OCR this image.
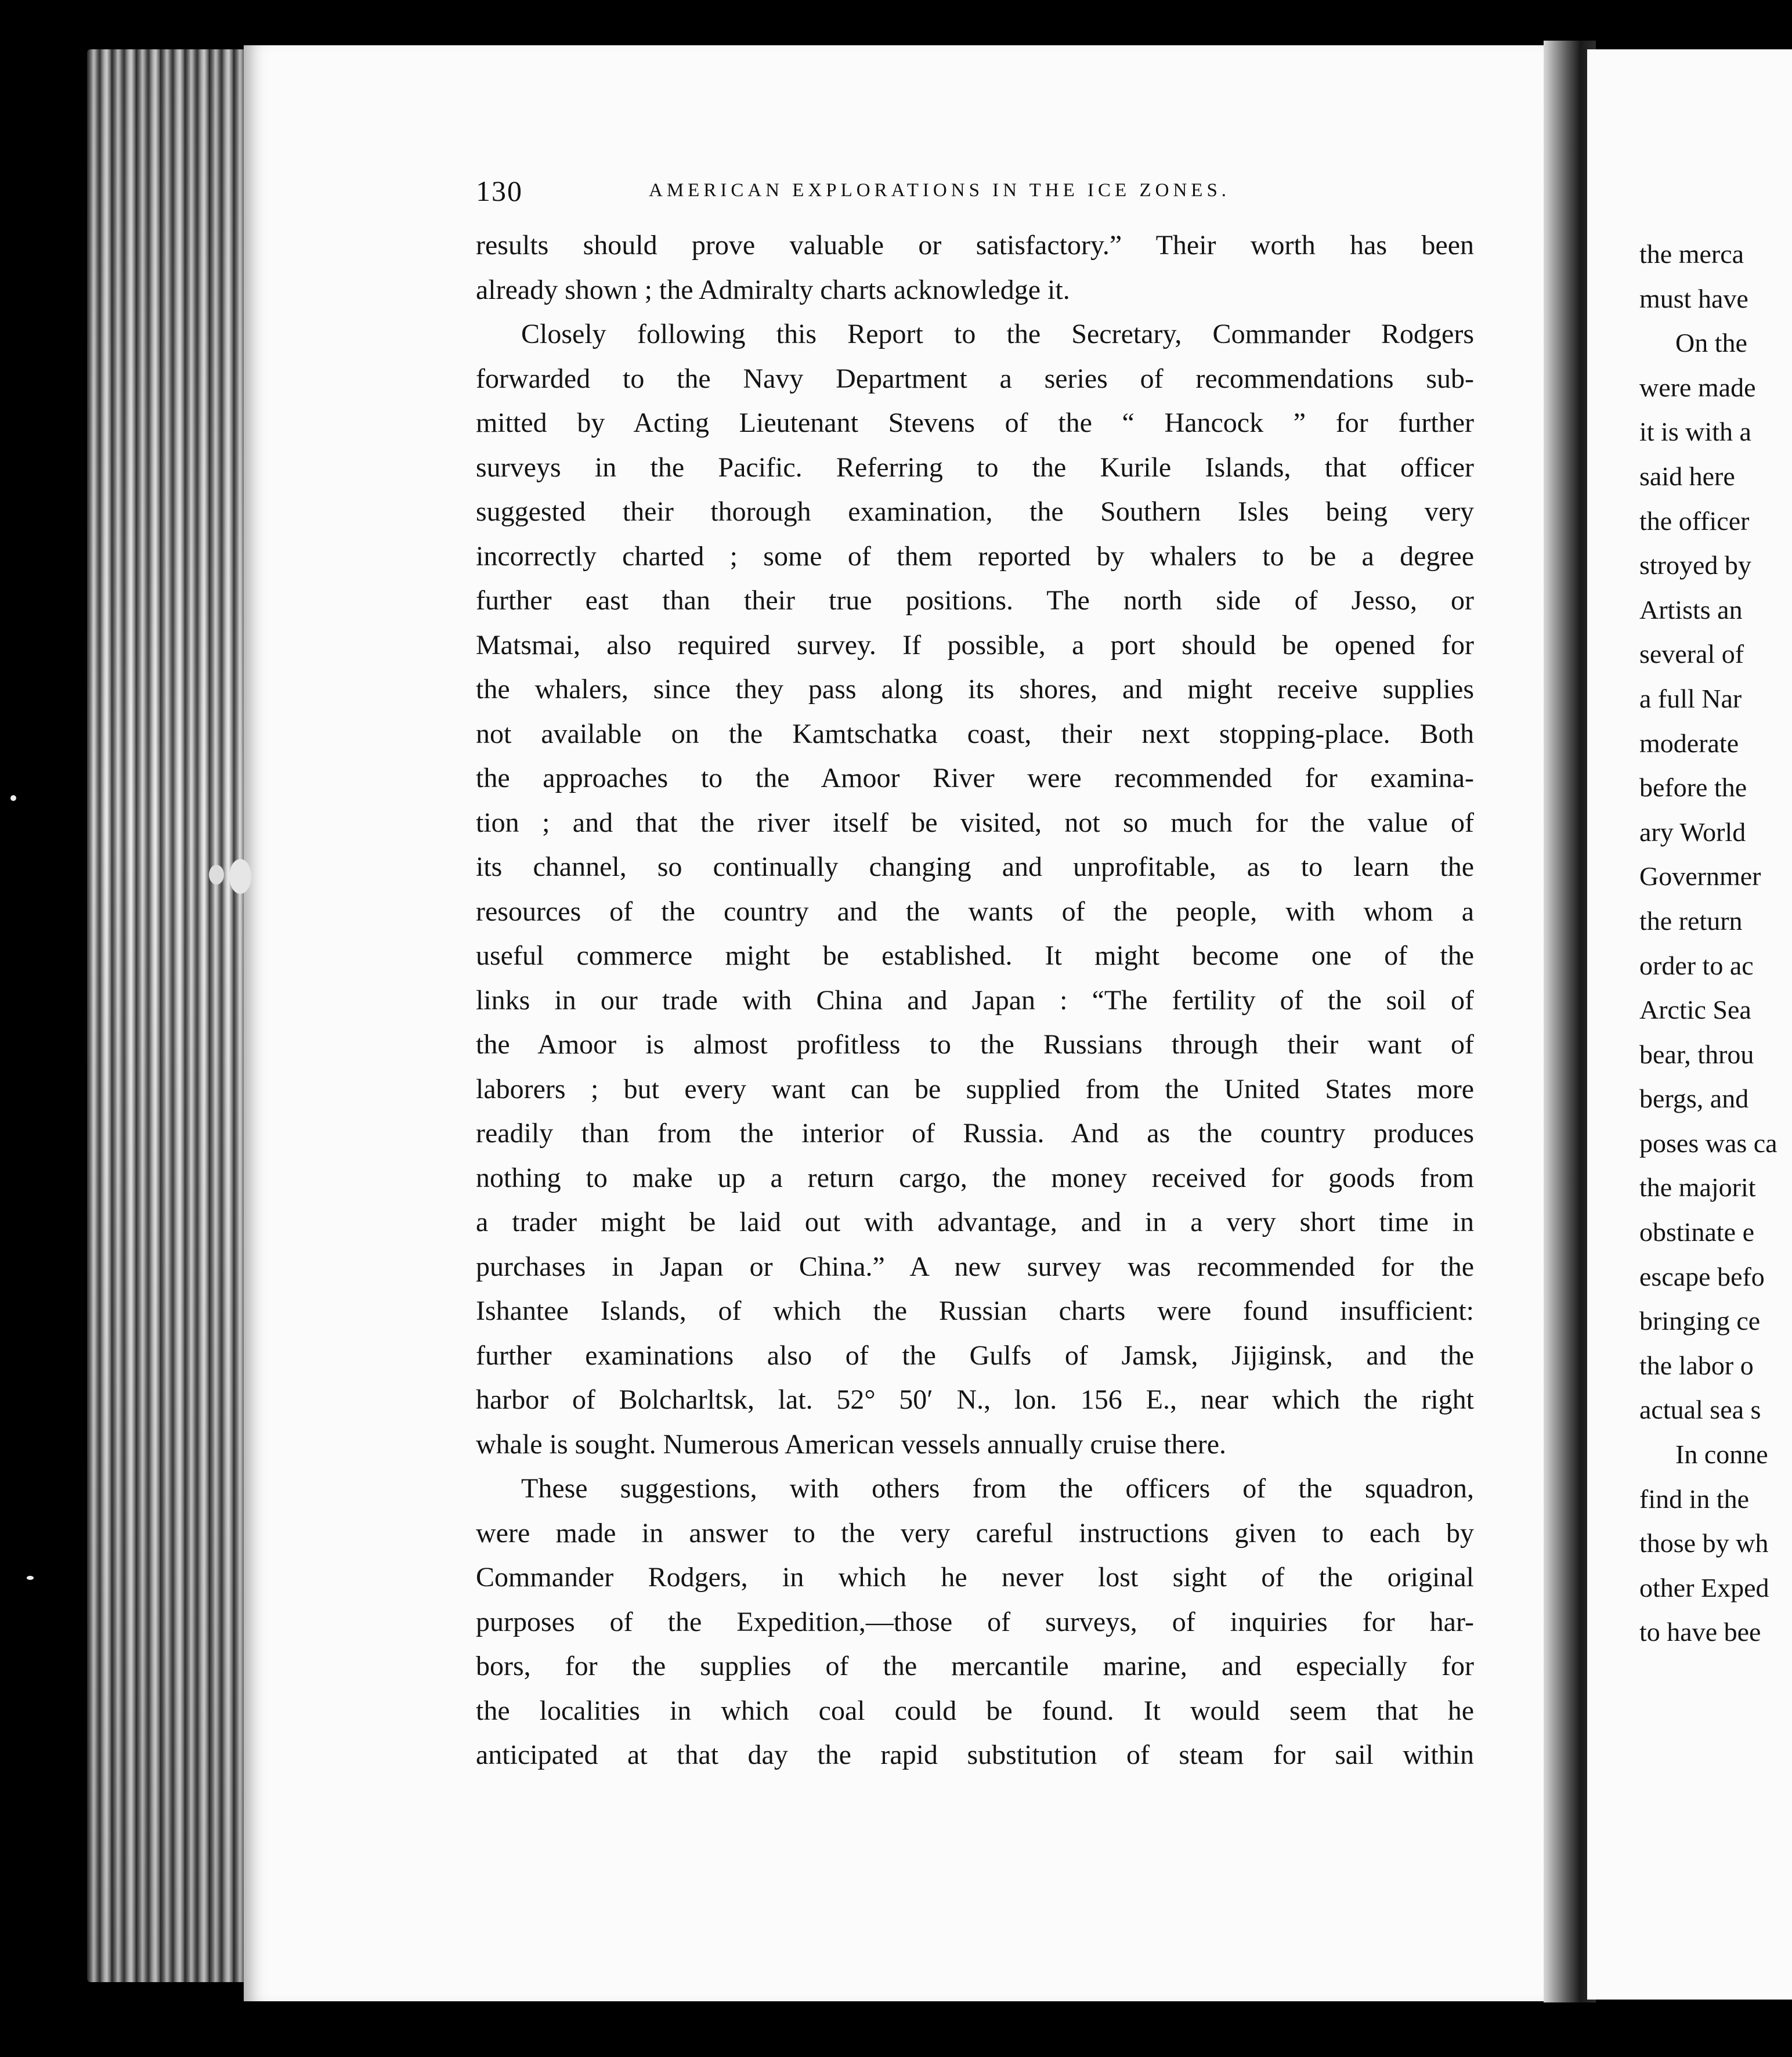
130	AMERICAN EXPLORATIONS IN THE ICE ZONES.
results should prove valuable or satisfactory.” Their worth has been
already shown ; the Admiralty charts acknowledge it.
Closely following this Report to the Secretary, Commander Rodgers
forwarded to the Navy Department a series of recommendations sub-
mitted by Acting Lieutenant Stevens of the “ Hancock ” for further
surveys in the Pacific. Referring to the Kurile Islands, that officer
suggested their thorough examination, the Southern Isles being very
incorrectly charted ; some of them reported by whalers to be a degree
further east than their true positions. The north side of Jesso, or
Matsmai, also required survey. If possible, a port should be opened for
the whalers, since they pass along its shores, and might receive supplies
not available on the Kamtschatka coast, their next stopping-place. Both
the approaches to the Amoor River were recommended for examina-
tion ; and that the river itself be visited, not so much for the value of
its channel, so continually changing and unprofitable, as to learn the
resources of the country and the wants of the people, with whom a
useful commerce might be established. It might become one of the
links in our trade with China and Japan : “The fertility of the soil of
the Amoor is almost profitless to the Russians through their want of
laborers ; but every want can be supplied from the United States more
readily than from the interior of Russia. And as the country produces
nothing to make up a return cargo, the money received for goods from
a trader might be laid out with advantage, and in a very short time in
purchases in Japan or China.” A new survey was recommended for the
Ishantee Islands, of which the Russian charts were found insufficient:
further examinations also of the Gulfs of Jamsk, Jijiginsk, and the
harbor of Bolcharltsk, lat. 52° 50′ N., lon. 156 E., near which the right
whale is sought. Numerous American vessels annually cruise there.
These suggestions, with others from the officers of the squadron,
were made in answer to the very careful instructions given to each by
Commander Rodgers, in which he never lost sight of the original
purposes of the Expedition,—those of surveys, of inquiries for har-
bors, for the supplies of the mercantile marine, and especially for
the localities in which coal could be found. It would seem that he
anticipated at that day the rapid substitution of steam for sail within
the merca
must have
On the
were made
it is with a
said here
the officer
stroyed by
Artists an
several of
a full Nar
moderate
before the
ary World
Governmer
the return
order to ac
Arctic Sea
bear, throu
bergs, and
poses was ca
the majorit
obstinate e
escape befo
bringing ce
the labor o
actual sea s
In conne
find in the
those by wh
other Exped
to have bee
